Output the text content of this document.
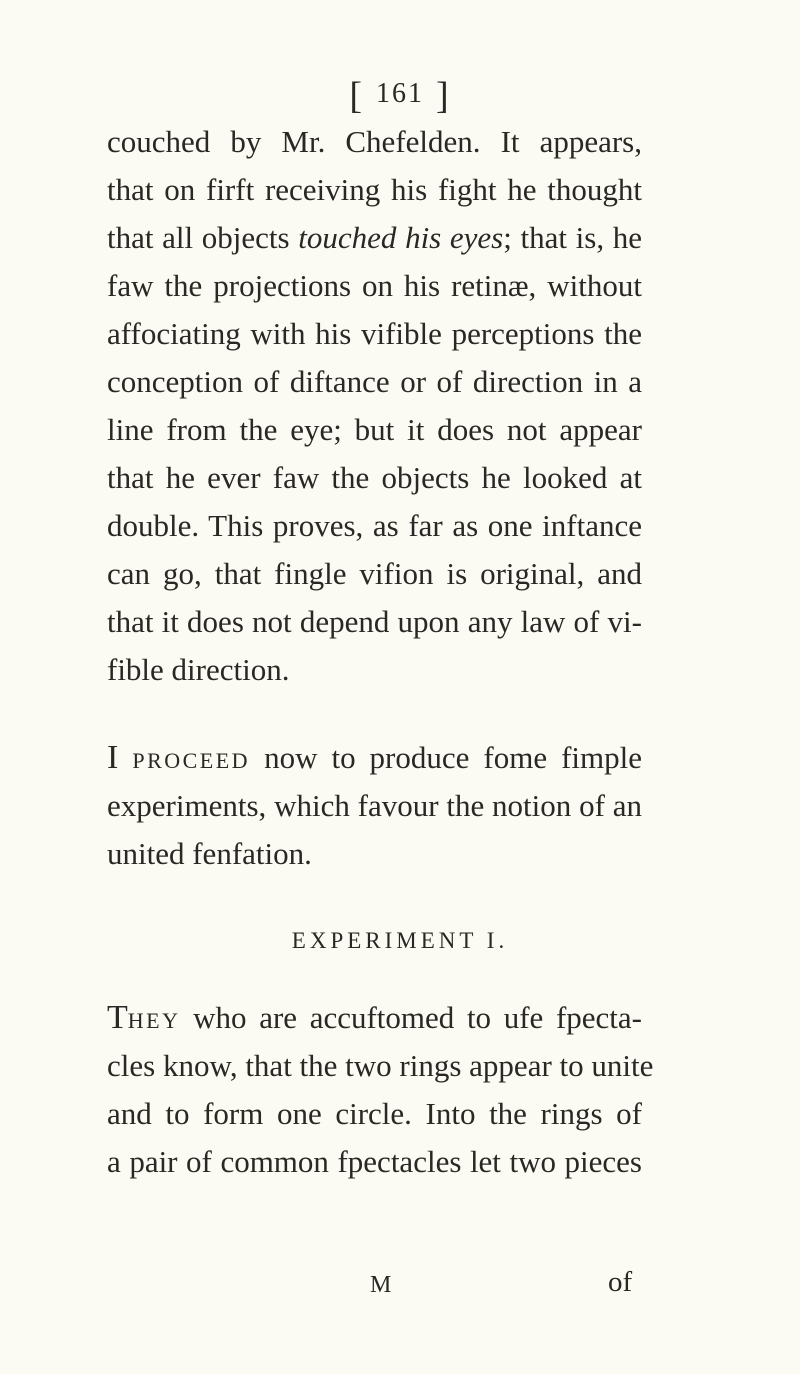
[ 161 ]
couched by Mr. Chefelden. It appears,
that on firft receiving his fight he thought
that all objects touched his eyes; that is, he
faw the projections on his retinæ, without
affociating with his vifible perceptions the
conception of diftance or of direction in a
line from the eye; but it does not appear
that he ever faw the objects he looked at
double. This proves, as far as one inftance
can go, that fingle vifion is original, and
that it does not depend upon any law of vi-
fible direction.
I PROCEED now to produce fome fimple
experiments, which favour the notion of an
united fenfation.
EXPERIMENT I.
THEY who are accuftomed to ufe fpecta-
cles know, that the two rings appear to unite
and to form one circle. Into the rings of
a pair of common fpectacles let two pieces
M	of
